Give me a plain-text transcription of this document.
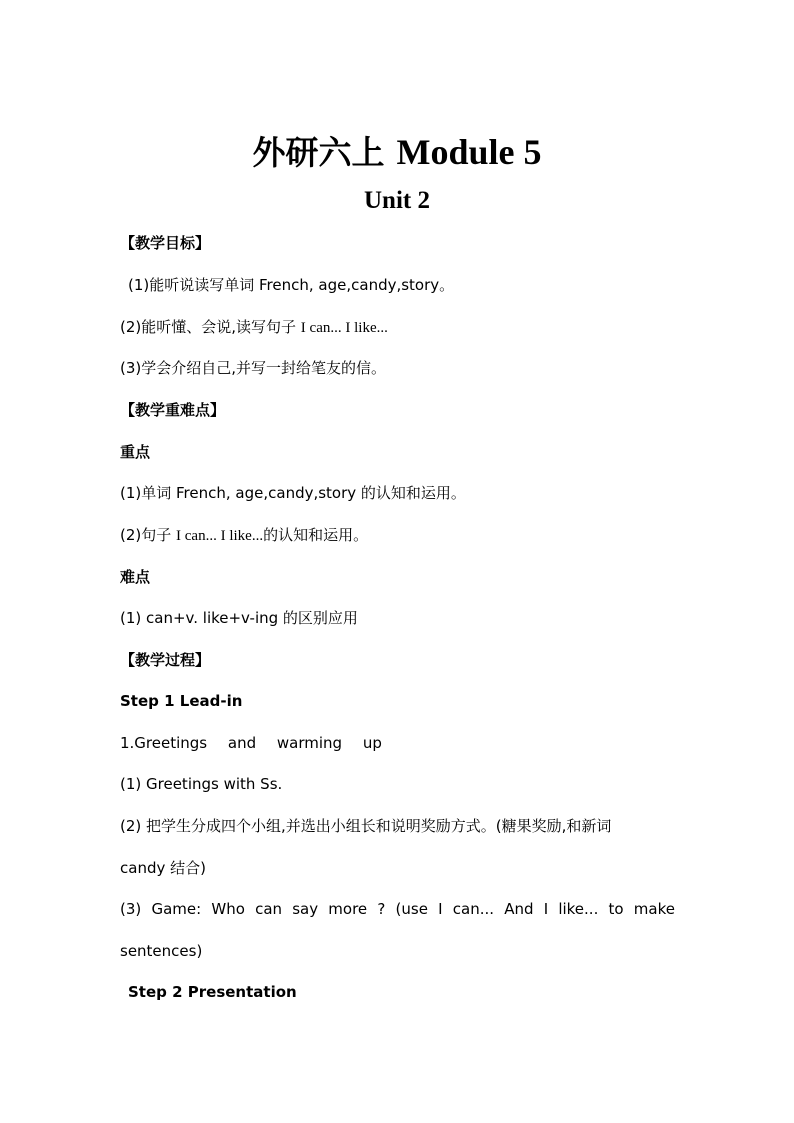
外研六上 Module 5
Unit 2
【教学目标】
(1)能听说读写单词 French, age,candy,story。
(2)能听懂、会说,读写句子 I can... I like...
(3)学会介绍自己,并写一封给笔友的信。
【教学重难点】
重点
(1)单词 French, age,candy,story 的认知和运用。
(2)句子 I can... I like...的认知和运用。
难点
(1) can+v. like+v-ing 的区别应用
【教学过程】
Step 1 Lead-in
1.Greetings and warming up
(1) Greetings with Ss.
(2) 把学生分成四个小组,并选出小组长和说明奖励方式。(糖果奖励,和新词
candy 结合)
(3) Game: Who can say more ? (use I can... And I like... to make
sentences)
Step 2 Presentation
